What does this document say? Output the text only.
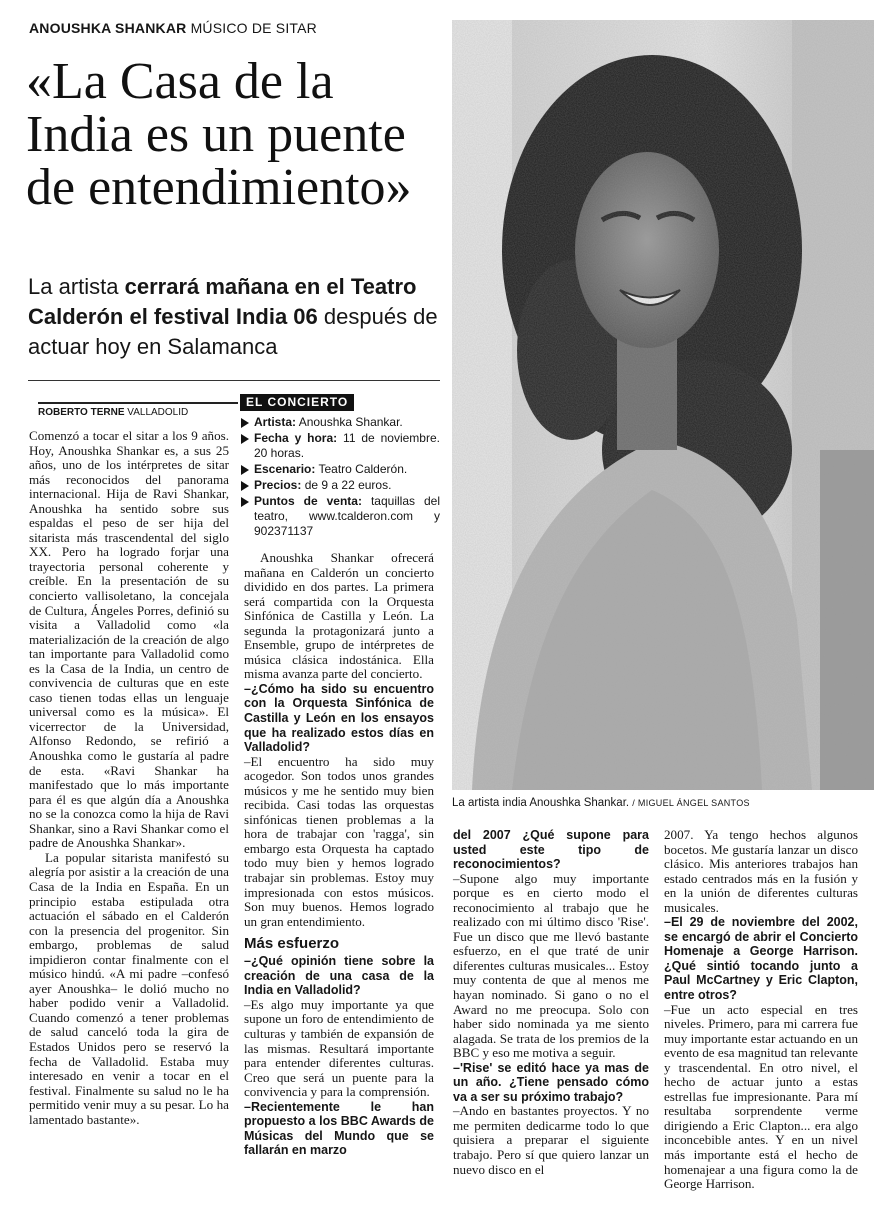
ANOUSHKA SHANKAR MÚSICO DE SITAR
«La Casa de la India es un puente de entendimiento»
La artista cerrará mañana en el Teatro Calderón el festival India 06 después de actuar hoy en Salamanca
ROBERTO TERNE VALLADOLID

Comenzó a tocar el sitar a los 9 años. Hoy, Anoushka Shankar es, a sus 25 años, uno de los intérpretes de sitar más reconocidos del panorama internacional. Hija de Ravi Shankar, Anoushka ha sentido sobre sus espaldas el peso de ser hija del sitarista más trascendental del siglo XX. Pero ha logrado forjar una trayectoria personal coherente y creíble. En la presentación de su concierto vallisoletano, la concejala de Cultura, Ángeles Porres, definió su visita a Valladolid como «la materialización de la creación de algo tan importante para Valladolid como es la Casa de la India, un centro de convivencia de culturas que en este caso tienen todas ellas un lenguaje universal como es la música». El vicerrector de la Universidad, Alfonso Redondo, se refirió a Anoushka como le gustaría al padre de esta. «Ravi Shankar ha manifestado que lo más importante para él es que algún día a Anoushka no se la conozca como la hija de Ravi Shankar, sino a Ravi Shankar como el padre de Anoushka Shankar».

La popular sitarista manifestó su alegría por asistir a la creación de una Casa de la India en España. En un principio estaba estipulada otra actuación el sábado en el Calderón con la presencia del progenitor. Sin embargo, problemas de salud impidieron contar finalmente con el músico hindú. «A mi padre –confesó ayer Anoushka– le dolió mucho no haber podido venir a Valladolid. Cuando comenzó a tener problemas de salud canceló toda la gira de Estados Unidos pero se reservó la fecha de Valladolid. Estaba muy interesado en venir a tocar en el festival. Finalmente su salud no le ha permitido venir muy a su pesar. Lo ha lamentado bastante».

EL CONCIERTO
Artista: Anoushka Shankar.
Fecha y hora: 11 de noviembre. 20 horas.
Escenario: Teatro Calderón.
Precios: de 9 a 22 euros.
Puntos de venta: taquillas del teatro, www.tcalderon.com y 902371137

Anoushka Shankar ofrecerá mañana en Calderón un concierto dividido en dos partes. La primera será compartida con la Orquesta Sinfónica de Castilla y León. La segunda la protagonizará junto a Ensemble, grupo de intérpretes de música clásica indostánica. Ella misma avanza parte del concierto.

–¿Cómo ha sido su encuentro con la Orquesta Sinfónica de Castilla y León en los ensayos que ha realizado estos días en Valladolid?

–El encuentro ha sido muy acogedor. Son todos unos grandes músicos y me he sentido muy bien recibida. Casi todas las orquestas sinfónicas tienen problemas a la hora de trabajar con 'ragga', sin embargo esta Orquesta ha captado todo muy bien y hemos logrado trabajar sin problemas. Estoy muy impresionada con estos músicos. Son muy buenos. Hemos logrado un gran entendimiento.

Más esfuerzo

–¿Qué opinión tiene sobre la creación de una casa de la India en Valladolid?

–Es algo muy importante ya que supone un foro de entendimiento de culturas y también de expansión de las mismas. Resultará importante para entender diferentes culturas. Creo que será un puente para la convivencia y para la comprensión.

–Recientemente le han propuesto a los BBC Awards de Músicas del Mundo que se fallarán en marzo

La artista india Anoushka Shankar. / MIGUEL ÁNGEL SANTOS

del 2007 ¿Qué supone para usted este tipo de reconocimientos?

–Supone algo muy importante porque es en cierto modo el reconocimiento al trabajo que he realizado con mi último disco 'Rise'. Fue un disco que me llevó bastante esfuerzo, en el que traté de unir diferentes culturas musicales... Estoy muy contenta de que al menos me hayan nominado. Si gano o no el Award no me preocupa. Solo con haber sido nominada ya me siento alagada. Se trata de los premios de la BBC y eso me motiva a seguir.

–'Rise' se editó hace ya mas de un año. ¿Tiene pensado cómo va a ser su próximo trabajo?

–Ando en bastantes proyectos. Y no me permiten dedicarme todo lo que quisiera a preparar el siguiente trabajo. Pero sí que quiero lanzar un nuevo disco en el

2007. Ya tengo hechos algunos bocetos. Me gustaría lanzar un disco clásico. Mis anteriores trabajos han estado centrados más en la fusión y en la unión de diferentes culturas musicales.

–El 29 de noviembre del 2002, se encargó de abrir el Concierto Homenaje a George Harrison. ¿Qué sintió tocando junto a Paul McCartney y Eric Clapton, entre otros?

–Fue un acto especial en tres niveles. Primero, para mi carrera fue muy importante estar actuando en un evento de esa magnitud tan relevante y trascendental. En otro nivel, el hecho de actuar junto a estas estrellas fue impresionante. Para mí resultaba sorprendente verme dirigiendo a Eric Clapton... era algo inconcebible antes. Y en un nivel más importante está el hecho de homenajear a una figura como la de George Harrison.
